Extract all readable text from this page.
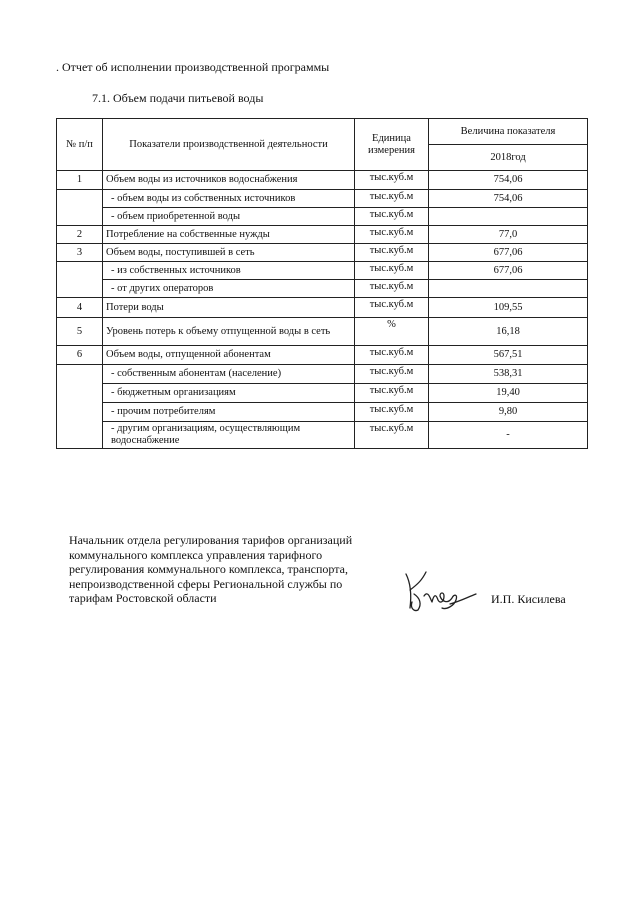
. Отчет об исполнении производственной программы
7.1. Объем подачи питьевой воды
№ п/п	Показатели производственной деятельности	Единица измерения	Величина показателя
			2018год
1	Объем воды из источников водоснабжения	тыс.куб.м	754,06
	- объем воды из собственных источников	тыс.куб.м	754,06
	- объем приобретенной воды	тыс.куб.м	
2	Потребление на собственные нужды	тыс.куб.м	77,0
3	Объем воды, поступившей в сеть	тыс.куб.м	677,06
	- из собственных источников	тыс.куб.м	677,06
	- от других операторов	тыс.куб.м	
4	Потери воды	тыс.куб.м	109,55
5	Уровень потерь к объему отпущенной воды в сеть	%	16,18
6	Объем воды, отпущенной абонентам	тыс.куб.м	567,51
	- собственным абонентам (население)	тыс.куб.м	538,31
	- бюджетным организациям	тыс.куб.м	19,40
	- прочим потребителям	тыс.куб.м	9,80
	- другим организациям, осуществляющим водоснабжение	тыс.куб.м	-
Начальник отдела регулирования тарифов организаций
коммунального комплекса управления тарифного
регулирования коммунального комплекса, транспорта,
непроизводственной сферы Региональной службы по
тарифам Ростовской области	И.П. Кисилева
